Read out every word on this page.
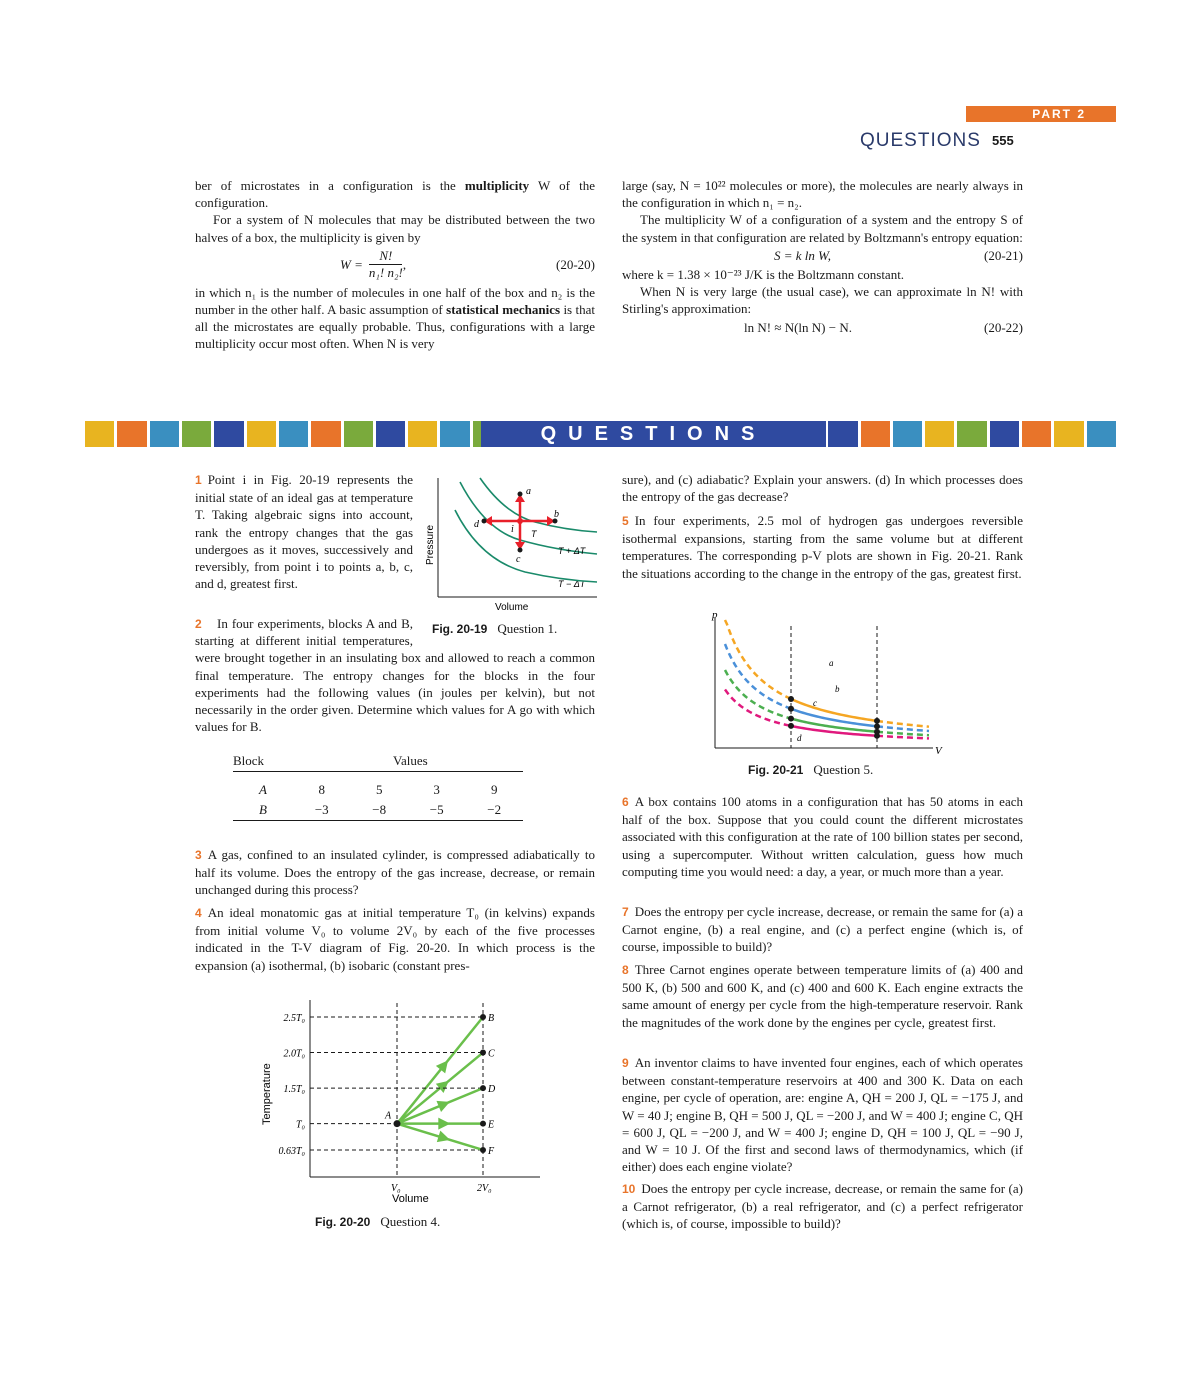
PART 2
QUESTIONS 555

ber of microstates in a configuration is the multiplicity W of the configuration.

For a system of N molecules that may be distributed between the two halves of a box, the multiplicity is given by

$W = \frac{N!}{\text{n₁! n₂!}}$ ,	(20-20)

in which n₁ is the number of molecules in one half of the box and n₂ is the number in the other half. A basic assumption of statistical mechanics is that all the microstates are equally probable. Thus, configurations with a large multiplicity occur most often. When N is very

large (say, N = 10²² molecules or more), the molecules are nearly always in the configuration in which n₁ = n₂.

The multiplicity W of a configuration of a system and the entropy S of the system in that configuration are related by Boltzmann's entropy equation:

S = k ln W,	(20-21)

where k = 1.38 × 10⁻²³ J/K is the Boltzmann constant.

When N is very large (the usual case), we can approximate ln N! with Stirling's approximation:

ln N! ≈ N(ln N) − N.	(20-22)
QUESTIONS

1 Point i in Fig. 20-19 represents the initial state of an ideal gas at temperature T. Taking algebraic signs into account, rank the entropy changes that the gas undergoes as it moves, successively and reversibly, from point i to points a, b, c, and d, greatest first.

Pressure
Volume
a
b
c
d	i T
T + ΔT
T − ΔT
Fig. 20-19 Question 1.

2	In four experiments, blocks A and B, starting at different initial temperatures, were brought together in an insulating box and allowed to reach a common final temperature. The entropy changes for the blocks in the four experiments had the following values (in joules per kelvin), but not necessarily in the order given. Determine which values for A go with which values for B.

Block	Values			

A	8	5	3	9
B	−3	−8	−5	−2

3 A gas, confined to an insulated cylinder, is compressed adiabatically to half its volume. Does the entropy of the gas increase, decrease, or remain unchanged during this process?

4 An ideal monatomic gas at initial temperature T₀ (in kelvins) expands from initial volume V₀ to volume 2V₀ by each of the five processes indicated in the T-V diagram of Fig. 20-20. In which process is the expansion (a) isothermal, (b) isobaric (constant pres-

Temperature
Volume
V₀	2V₀
2.5T₀	B
2.0T₀	C
1.5T₀	D
T₀	E
0.63T₀	F
A
Fig. 20-20 Question 4.

sure), and (c) adiabatic? Explain your answers. (d) In which processes does the entropy of the gas decrease?

5 In four experiments, 2.5 mol of hydrogen gas undergoes reversible isothermal expansions, starting from the same volume but at different temperatures. The corresponding p-V plots are shown in Fig. 20-21. Rank the situations according to the change in the entropy of the gas, greatest first.

p
V
a
b
c
d
Fig. 20-21 Question 5.

6 A box contains 100 atoms in a configuration that has 50 atoms in each half of the box. Suppose that you could count the different microstates associated with this configuration at the rate of 100 billion states per second, using a supercomputer. Without written calculation, guess how much computing time you would need: a day, a year, or much more than a year.

7 Does the entropy per cycle increase, decrease, or remain the same for (a) a Carnot engine, (b) a real engine, and (c) a perfect engine (which is, of course, impossible to build)?

8 Three Carnot engines operate between temperature limits of (a) 400 and 500 K, (b) 500 and 600 K, and (c) 400 and 600 K. Each engine extracts the same amount of energy per cycle from the high-temperature reservoir. Rank the magnitudes of the work done by the engines per cycle, greatest first.

9 An inventor claims to have invented four engines, each of which operates between constant-temperature reservoirs at 400 and 300 K. Data on each engine, per cycle of operation, are: engine A, QH = 200 J, QL = −175 J, and W = 40 J; engine B, QH = 500 J, QL = −200 J, and W = 400 J; engine C, QH = 600 J, QL = −200 J, and W = 400 J; engine D, QH = 100 J, QL = −90 J, and W = 10 J. Of the first and second laws of thermodynamics, which (if either) does each engine violate?

10 Does the entropy per cycle increase, decrease, or remain the same for (a) a Carnot refrigerator, (b) a real refrigerator, and (c) a perfect refrigerator (which is, of course, impossible to build)?
